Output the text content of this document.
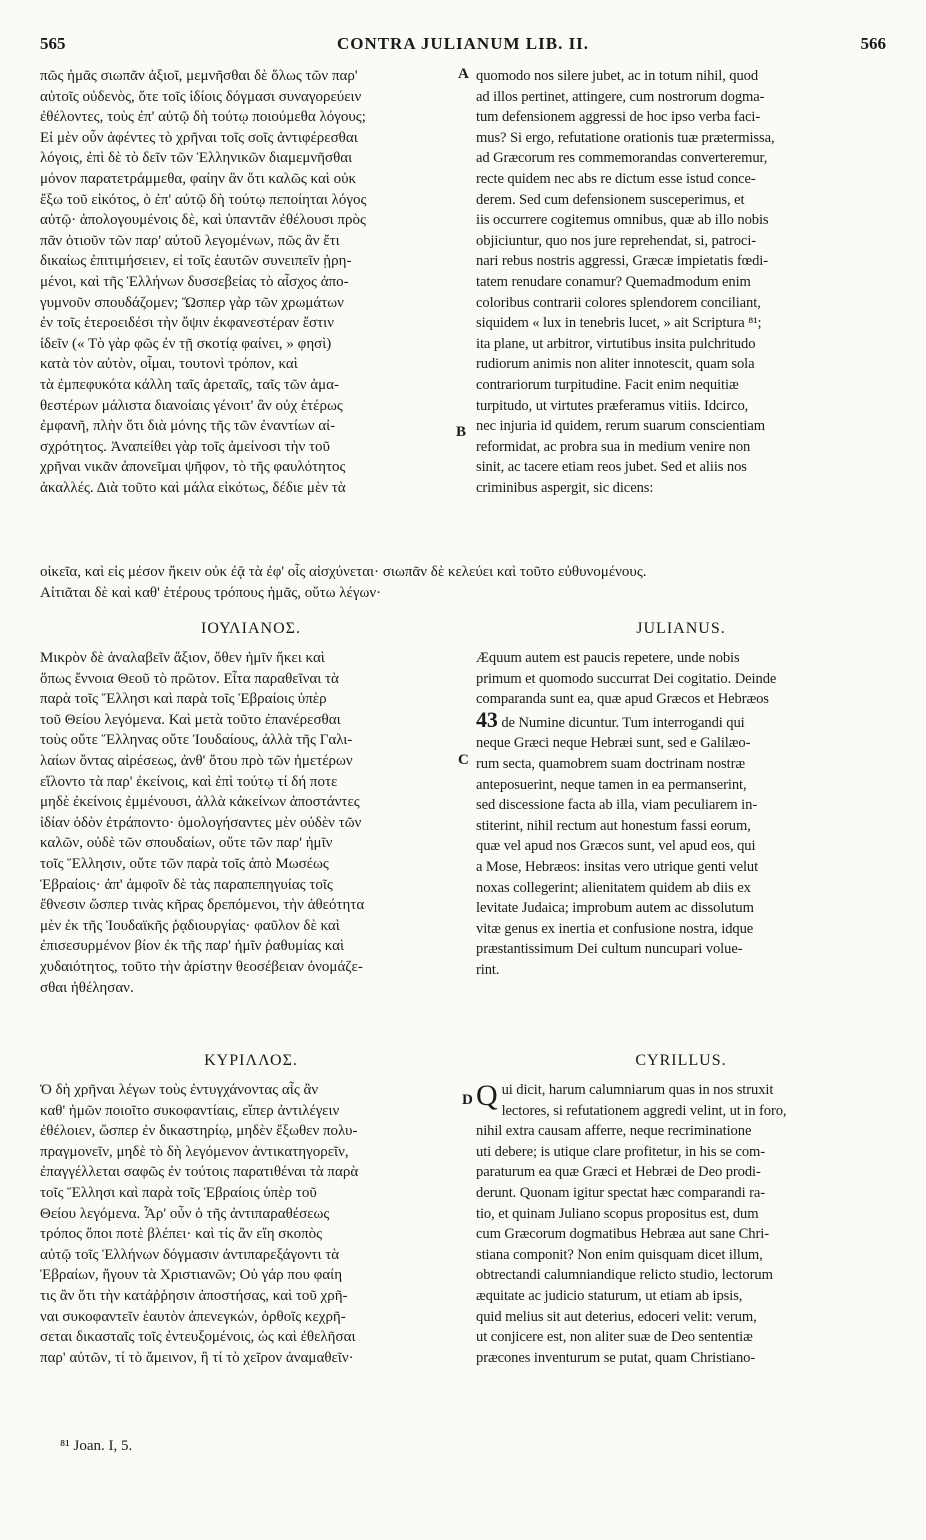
565	CONTRA JULIANUM LIB. II.	566

πῶς ἡμᾶς σιωπᾶν ἀξιοῖ, μεμνῆσθαι δὲ ὅλως τῶν παρ'
αὐτοῖς οὐδενὸς, ὅτε τοῖς ἰδίοις δόγμασι συναγορεύειν
ἐθέλοντες, τοὺς ἐπ' αὐτῷ δὴ τούτῳ ποιούμεθα λόγους;
Εἰ μὲν οὖν ἀφέντες τὸ χρῆναι τοῖς σοῖς ἀντιφέρεσθαι
λόγοις, ἐπὶ δὲ τὸ δεῖν τῶν Ἑλληνικῶν διαμεμνῆσθαι
μόνον παρατετράμμεθα, φαίην ἂν ὅτι καλῶς καὶ οὐκ
ἔξω τοῦ εἰκότος, ὁ ἐπ' αὐτῷ δὴ τούτῳ πεποίηται λόγος
αὐτῷ· ἀπολογουμένοις δὲ, καὶ ὑπαντᾶν ἐθέλουσι πρὸς
πᾶν ὁτιοῦν τῶν παρ' αὐτοῦ λεγομένων, πῶς ἂν ἔτι
δικαίως ἐπιτιμήσειεν, εἰ τοῖς ἑαυτῶν συνειπεῖν ᾑρη-
μένοι, καὶ τῆς Ἑλλήνων δυσσεβείας τὸ αἶσχος ἀπο-
γυμνοῦν σπουδάζομεν; Ὥσπερ γὰρ τῶν χρωμάτων
ἐν τοῖς ἑτεροειδέσι τὴν ὄψιν ἐκφανεστέραν ἔστιν
ἰδεῖν (« Τὸ γὰρ φῶς ἐν τῇ σκοτίᾳ φαίνει, » φησὶ)
κατὰ τὸν αὐτὸν, οἶμαι, τουτονὶ τρόπον, καὶ
τὰ ἐμπεφυκότα κάλλη ταῖς ἀρεταῖς, ταῖς τῶν ἀμα-
θεστέρων μάλιστα διανοίαις γένοιτ' ἂν οὐχ ἑτέρως
ἐμφανῆ, πλὴν ὅτι διὰ μόνης τῆς τῶν ἐναντίων αἰ-
σχρότητος. Ἀναπείθει γὰρ τοῖς ἀμείνοσι τὴν τοῦ
χρῆναι νικᾶν ἀπονεῖμαι ψῆφον, τὸ τῆς φαυλότητος
ἀκαλλές. Διὰ τοῦτο καὶ μάλα εἰκότως, δέδιε μὲν τὰ

A quomodo nos silere jubet, ac in totum nihil, quod
ad illos pertinet, attingere, cum nostrorum dogma-
tum defensionem aggressi de hoc ipso verba faci-
mus? Si ergo, refutatione orationis tuæ prætermissa,
ad Græcorum res commemorandas converteremur,
recte quidem nec abs re dictum esse istud conce-
derem. Sed cum defensionem susceperimus, et
iis occurrere cogitemus omnibus, quæ ab illo nobis
objiciuntur, quo nos jure reprehendat, si, patroci-
nari rebus nostris aggressi, Græcæ impietatis fœdi-
tatem renudare conamur? Quemadmodum enim
coloribus contrarii colores splendorem conciliant,
siquidem « lux in tenebris lucet, » ait Scriptura ⁸¹;
ita plane, ut arbitror, virtutibus insita pulchritudo
rudiorum animis non aliter innotescit, quam sola
contrariorum turpitudine. Facit enim nequitiæ
turpitudo, ut virtutes præferamus vitiis. Idcirco,
nec injuria id quidem, rerum suarum conscientiam
reformidat, ac probra sua in medium venire non
sinit, ac tacere etiam reos jubet. Sed et aliis nos
criminibus aspergit, sic dicens:

B

οἰκεῖα, καὶ εἰς μέσον ἥκειν οὐκ ἐᾷ τὰ ἐφ' οἷς αἰσχύνεται· σιωπᾶν δὲ κελεύει καὶ τοῦτο εὐθυνομένους.
Αἰτιᾶται δὲ καὶ καθ' ἑτέρους τρόπους ἡμᾶς, οὕτω λέγων·

ΙΟΥΛΙΑΝΟΣ.	JULIANUS.

Μικρὸν δὲ ἀναλαβεῖν ἄξιον, ὅθεν ἡμῖν ἥκει καὶ
ὅπως ἔννοια Θεοῦ τὸ πρῶτον. Εἶτα παραθεῖναι τὰ
παρὰ τοῖς Ἕλλησι καὶ παρὰ τοῖς Ἑβραίοις ὑπὲρ
τοῦ Θείου λεγόμενα. Καὶ μετὰ τοῦτο ἐπανέρεσθαι
τοὺς οὔτε Ἕλληνας οὔτε Ἰουδαίους, ἀλλὰ τῆς Γαλι-
λαίων ὄντας αἱρέσεως, ἀνθ' ὅτου πρὸ τῶν ἡμετέρων
εἵλοντο τὰ παρ' ἐκείνοις, καὶ ἐπὶ τούτῳ τί δή ποτε
μηδὲ ἐκείνοις ἐμμένουσι, ἀλλὰ κἀκείνων ἀποστάντες
ἰδίαν ὁδὸν ἐτράποντο· ὁμολογήσαντες μὲν οὐδὲν τῶν
καλῶν, οὐδὲ τῶν σπουδαίων, οὔτε τῶν παρ' ἡμῖν
τοῖς Ἕλλησιν, οὔτε τῶν παρὰ τοῖς ἀπὸ Μωσέως
Ἑβραίοις· ἀπ' ἀμφοῖν δὲ τὰς παραπεπηγυίας τοῖς
ἔθνεσιν ὥσπερ τινὰς κῆρας δρεπόμενοι, τὴν ἀθεότητα
μὲν ἐκ τῆς Ἰουδαϊκῆς ῥᾳδιουργίας· φαῦλον δὲ καὶ
ἐπισεσυρμένον βίον ἐκ τῆς παρ' ἡμῖν ῥαθυμίας καὶ
χυδαιότητος, τοῦτο τὴν ἀρίστην θεοσέβειαν ὀνομάζε-
σθαι ἠθέλησαν.

C

Æquum autem est paucis repetere, unde nobis
primum et quomodo succurrat Dei cogitatio. Deinde
comparanda sunt ea, quæ apud Græcos et Hebræos

43 de Numine dicuntur. Tum interrogandi qui

neque Græci neque Hebræi sunt, sed e Galilæo-
rum secta, quamobrem suam doctrinam nostræ
anteposuerint, neque tamen in ea permanserint,
sed discessione facta ab illa, viam peculiarem in-
stiterint, nihil rectum aut honestum fassi eorum,
quæ vel apud nos Græcos sunt, vel apud eos, qui
a Mose, Hebræos: insitas vero utrique genti velut
noxas collegerint; alienitatem quidem ab diis ex
levitate Judaica; improbum autem ac dissolutum
vitæ genus ex inertia et confusione nostra, idque
præstantissimum Dei cultum nuncupari volue-
rint.

ΚΥΡΙΛΛΟΣ.	CYRILLUS.

Ὁ δὴ χρῆναι λέγων τοὺς ἐντυγχάνοντας αἷς ἂν
καθ' ἡμῶν ποιοῖτο συκοφαντίαις, εἴπερ ἀντιλέγειν
ἐθέλοιεν, ὥσπερ ἐν δικαστηρίῳ, μηδὲν ἔξωθεν πολυ-
πραγμονεῖν, μηδὲ τὸ δὴ λεγόμενον ἀντικατηγορεῖν,
ἐπαγγέλλεται σαφῶς ἐν τούτοις παρατιθέναι τὰ παρὰ
τοῖς Ἕλλησι καὶ παρὰ τοῖς Ἑβραίοις ὑπὲρ τοῦ
Θείου λεγόμενα. Ἆρ' οὖν ὁ τῆς ἀντιπαραθέσεως
τρόπος ὅποι ποτὲ βλέπει· καὶ τίς ἂν εἴη σκοπὸς
αὐτῷ τοῖς Ἑλλήνων δόγμασιν ἀντιπαρεξάγοντι τὰ
Ἑβραίων, ἤγουν τὰ Χριστιανῶν; Οὐ γάρ που φαίη
τις ἂν ὅτι τὴν κατάῤῥησιν ἀποστήσας, καὶ τοῦ χρῆ-
ναι συκοφαντεῖν ἑαυτὸν ἀπενεγκών, ὀρθοῖς κεχρῆ-
σεται δικασταῖς τοῖς ἐντευξομένοις, ὡς καὶ ἐθελῆσαι
παρ' αὐτῶν, τί τὸ ἄμεινον, ἢ τί τὸ χεῖρον ἀναμαθεῖν·

D Q ui dicit, harum calumniarum quas in nos struxit
lectores, si refutationem aggredi velint, ut in foro,
nihil extra causam afferre, neque recriminatione
uti debere; is utique clare profitetur, in his se com-
paraturum ea quæ Græci et Hebræi de Deo prodi-
derunt. Quonam igitur spectat hæc comparandi ra-
tio, et quinam Juliano scopus propositus est, dum
cum Græcorum dogmatibus Hebræa aut sane Chri-
stiana componit? Non enim quisquam dicet illum,
obtrectandi calumniandique relicto studio, lectorum
æquitate ac judicio staturum, ut etiam ab ipsis,
quid melius sit aut deterius, edoceri velit: verum,
ut conjicere est, non aliter suæ de Deo sententiæ
præcones inventurum se putat, quam Christiano-

⁸¹ Joan. I, 5.
